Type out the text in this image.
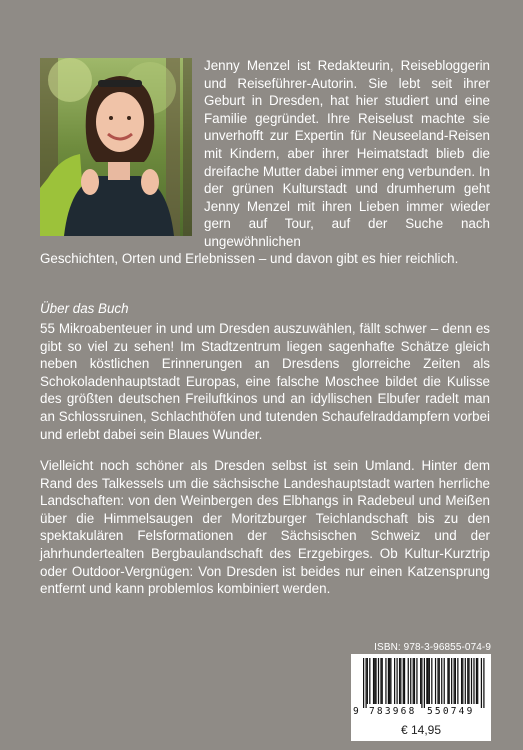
Jenny Menzel ist Redakteurin, Reisebloggerin und Reiseführer-Autorin. Sie lebt seit ihrer Geburt in Dresden, hat hier studiert und eine Familie gegründet. Ihre Reiselust machte sie unverhofft zur Expertin für Neuseeland-Reisen mit Kindern, aber ihrer Heimatstadt blieb die dreifache Mutter dabei immer eng verbunden. In der grünen Kulturstadt und drumherum geht Jenny Menzel mit ihren Lieben immer wieder gern auf Tour, auf der Suche nach ungewöhnlichen

Geschichten, Orten und Erlebnissen – und davon gibt es hier reichlich.

Über das Buch

55 Mikroabenteuer in und um Dresden auszuwählen, fällt schwer – denn es gibt so viel zu sehen! Im Stadtzentrum liegen sagenhafte Schätze gleich neben köstlichen Erinnerungen an Dresdens glorreiche Zeiten als Schokoladenhauptstadt Europas, eine falsche Moschee bildet die Kulisse des größten deutschen Freiluftkinos und an idyllischen Elbufer radelt man an Schlossruinen, Schlachthöfen und tutenden Schaufelraddampfern vorbei und erlebt dabei sein Blaues Wunder.

Vielleicht noch schöner als Dresden selbst ist sein Umland. Hinter dem Rand des Talkessels um die sächsische Landeshauptstadt warten herrliche Landschaften: von den Weinbergen des Elbhangs in Radebeul und Meißen über die Himmelsaugen der Moritzburger Teichlandschaft bis zu den spektakulären Felsformationen der Sächsischen Schweiz und der jahrhundertealten Bergbaulandschaft des Erzgebirges. Ob Kultur-Kurztrip oder Outdoor-Vergnügen: Von Dresden ist beides nur einen Katzensprung entfernt und kann problemlos kombiniert werden.

ISBN: 978-3-96855-074-9

9 783968 550749
€ 14,95
